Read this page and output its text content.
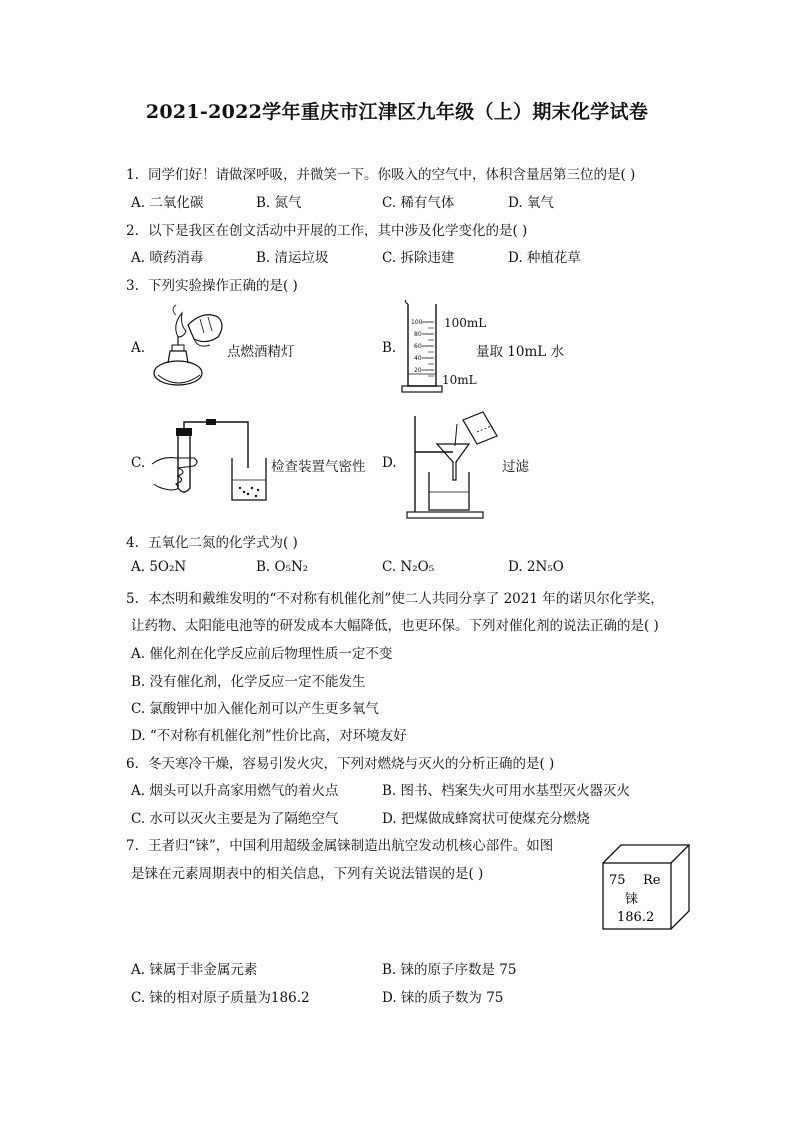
2021-2022学年重庆市江津区九年级（上）期末化学试卷
1. 同学们好！请做深呼吸，并微笑一下。你吸入的空气中，体积含量居第三位的是( )
A. 二氧化碳	B. 氮气	C. 稀有气体	D. 氧气
2. 以下是我区在创文活动中开展的工作，其中涉及化学变化的是( )
A. 喷药消毒	B. 清运垃圾	C. 拆除违建	D. 种植花草
3. 下列实验操作正确的是( )
A.	点燃酒精灯	B.
100
80
60
40
20
100mL
10mL
量取 10mL 水
C.	检查装置气密性 D.	过滤
4. 五氧化二氮的化学式为( )
A. 5O₂N	B. O₅N₂	C. N₂O₅	D. 2N₅O
5. 本杰明和戴维发明的“不对称有机催化剂”使二人共同分享了 2021 年的诺贝尔化学奖，
让药物、太阳能电池等的研发成本大幅降低，也更环保。下列对催化剂的说法正确的是( )
A. 催化剂在化学反应前后物理性质一定不变
B. 没有催化剂，化学反应一定不能发生
C. 氯酸钾中加入催化剂可以产生更多氧气
D. “不对称有机催化剂”性价比高，对环境友好
6. 冬天寒冷干燥，容易引发火灾，下列对燃烧与灭火的分析正确的是( )
A. 烟头可以升高家用燃气的着火点	B. 图书、档案失火可用水基型灭火器灭火
C. 水可以灭火主要是为了隔绝空气	D. 把煤做成蜂窝状可使煤充分燃烧
7. 王者归“铼”，中国利用超级金属铼制造出航空发动机核心部件。如图
是铼在元素周期表中的相关信息，下列有关说法错误的是( )	75 Re
铼
186.2
A. 铼属于非金属元素	B. 铼的原子序数是 75
C. 铼的相对原子质量为186.2	D. 铼的质子数为 75
